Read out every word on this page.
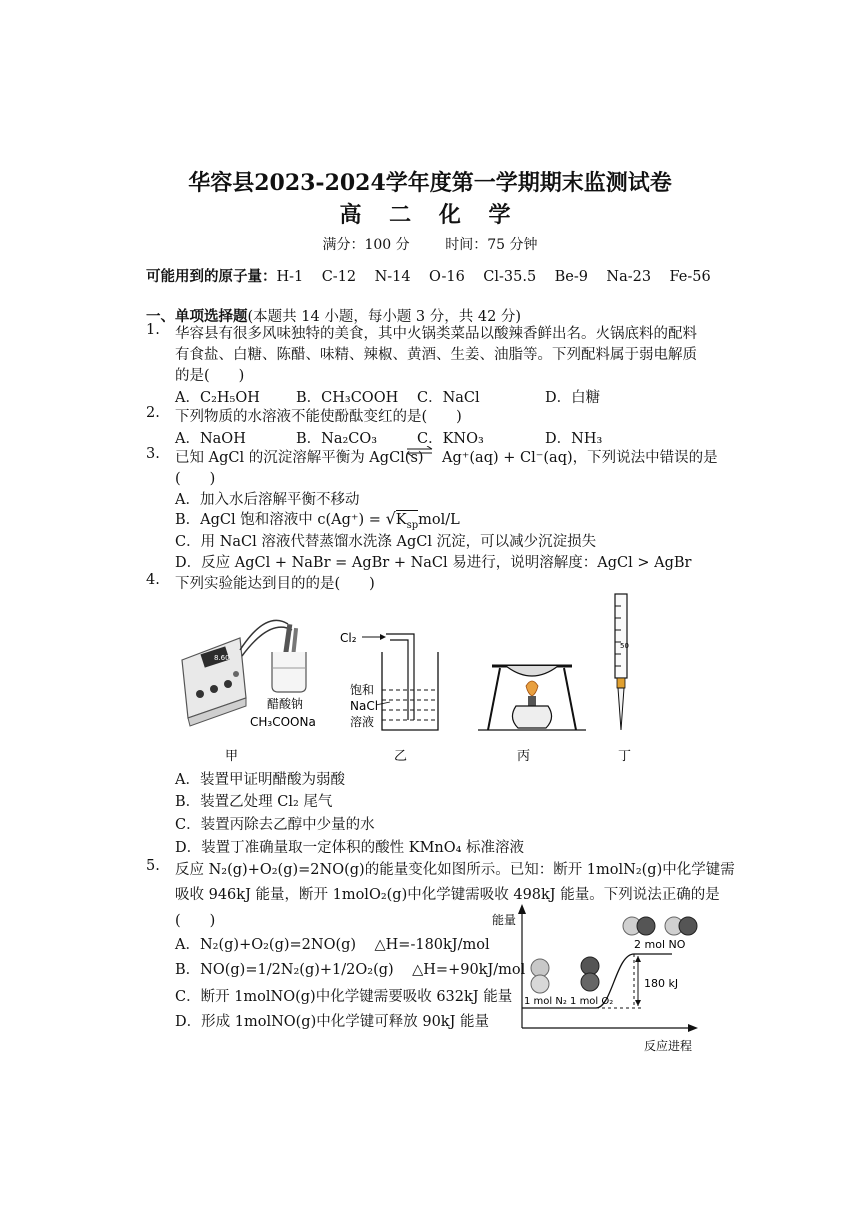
华容县2023-2024学年度第一学期期末监测试卷
高 二 化 学
满分：100 分        时间：75 分钟
可能用到的原子量：H-1    C-12    N-14    O-16    Cl-35.5    Be-9    Na-23    Fe-56
一、单项选择题(本题共 14 小题，每小题 3 分，共 42 分)
1. 华容县有很多风味独特的美食，其中火锅类菜品以酸辣香鲜出名。火锅底料的配料
有食盐、白糖、陈醋、味精、辣椒、黄酒、生姜、油脂等。下列配料属于弱电解质
的是(　　)
A．C₂H₅OH B．CH₃COOH C．NaCl	D．白糖
2. 下列物质的水溶液不能使酚酞变红的是(　　)
A．NaOH	B．Na₂CO₃	C．KNO₃	D．NH₃
3. 已知 AgCl 的沉淀溶解平衡为 AgCl(s)    Ag⁺(aq) + Cl⁻(aq)，下列说法中错误的是
(　　)
A．加入水后溶解平衡不移动
B．AgCl 饱和溶液中 $c(Ag^+) = √K_{sp}mol/L$
C．用 NaCl 溶液代替蒸馏水洗涤 AgCl 沉淀，可以减少沉淀损失
D．反应 AgCl + NaBr = AgBr + NaCl 易进行，说明溶解度：AgCl > AgBr
4. 下列实验能达到目的的是(　　)
醋酸钠
CH₃COONa
8.60
Cl₂
饱和
NaCl
溶液
50
甲	乙	丙	丁
A．装置甲证明醋酸为弱酸
B．装置乙处理 Cl₂ 尾气
C．装置丙除去乙醇中少量的水
D．装置丁准确量取一定体积的酸性 KMnO₄ 标准溶液
5. 反应 N₂(g)+O₂(g)=2NO(g)的能量变化如图所示。已知：断开 1molN₂(g)中化学键需
吸收 946kJ 能量，断开 1molO₂(g)中化学键需吸收 498kJ 能量。下列说法正确的是
(　　)
A．N₂(g)+O₂(g)=2NO(g)    △H=-180kJ/mol
B．NO(g)=1/2N₂(g)+1/2O₂(g)    △H=+90kJ/mol
C．断开 1molNO(g)中化学键需要吸收 632kJ 能量
D．形成 1molNO(g)中化学键可释放 90kJ 能量
能量
反应进程
180 kJ
2 mol NO
1 mol N₂ 1 mol O₂
